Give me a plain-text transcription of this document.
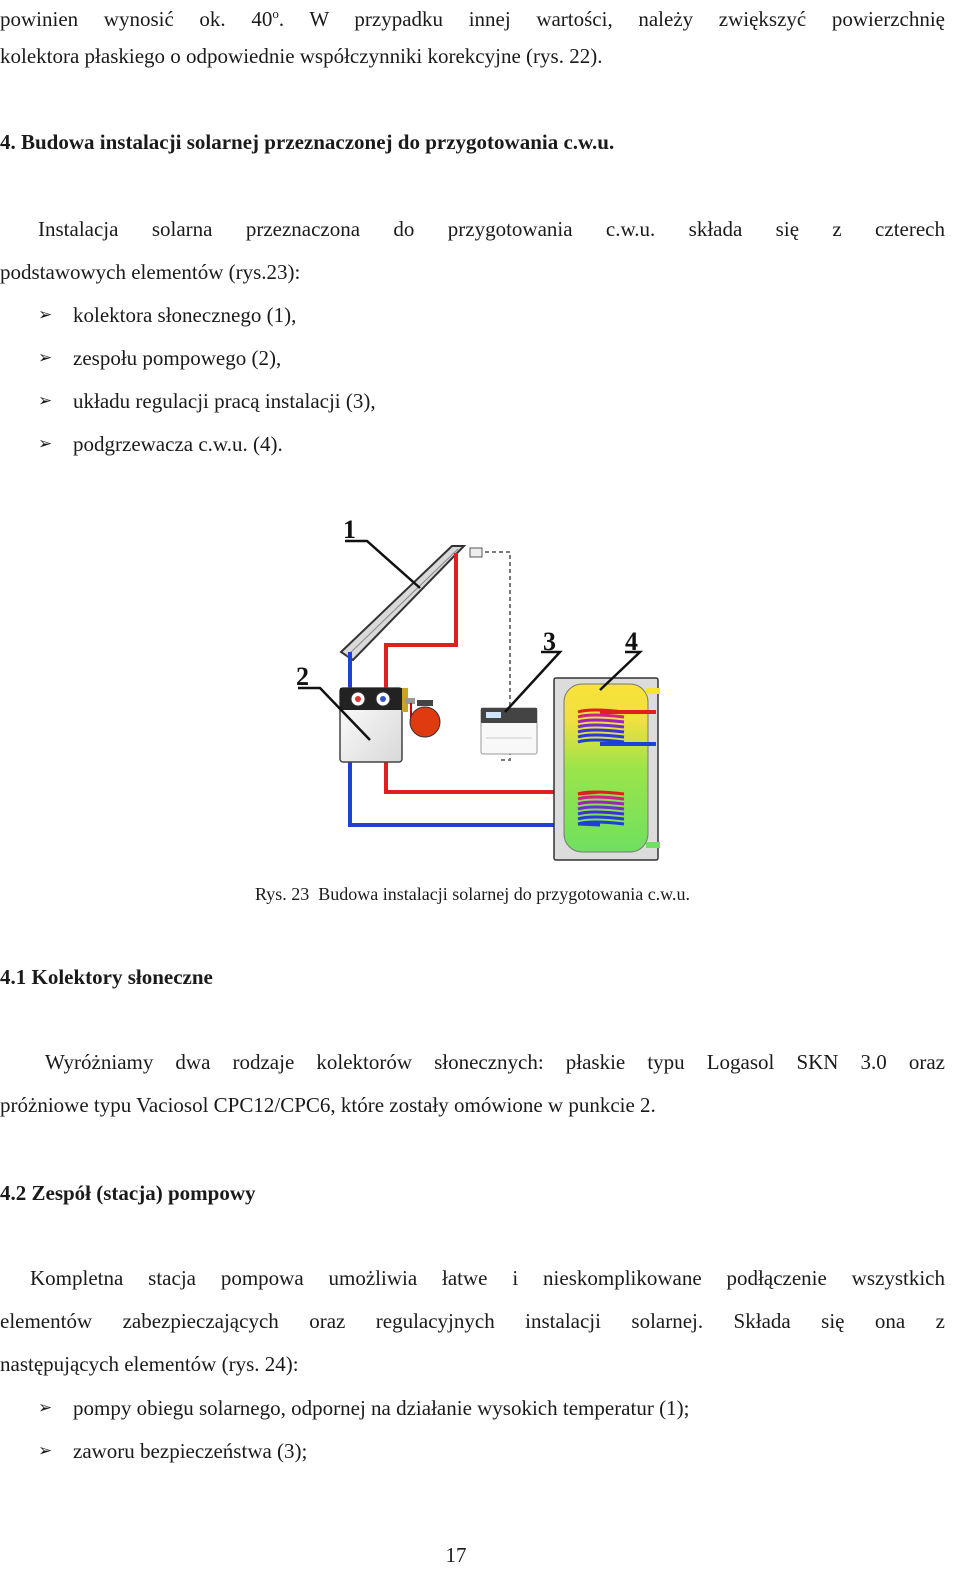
powinien wynosić ok. 40$^o$. W przypadku innej wartości, należy zwiększyć powierzchnię

kolektora płaskiego o odpowiednie współczynniki korekcyjne (rys. 22).

4. Budowa instalacji solarnej przeznaczonej do przygotowania c.w.u.

Instalacja solarna przeznaczona do przygotowania c.w.u. składa się z czterech

podstawowych elementów (rys.23):

➢ kolektora słonecznego (1),
➢ zespołu pompowego (2),
➢ układu regulacji pracą instalacji (3),
➢ podgrzewacza c.w.u. (4).
1
2
3	4
Rys. 23 Budowa instalacji solarnej do przygotowania c.w.u.
4.1 Kolektory słoneczne

Wyróżniamy dwa rodzaje kolektorów słonecznych: płaskie typu Logasol SKN 3.0 oraz

próżniowe typu Vaciosol CPC12/CPC6, które zostały omówione w punkcie 2.

4.2 Zespół (stacja) pompowy

Kompletna stacja pompowa umożliwia łatwe i nieskomplikowane podłączenie wszystkich

elementów zabezpieczających oraz regulacyjnych instalacji solarnej. Składa się ona z

następujących elementów (rys. 24):

➢ pompy obiegu solarnego, odpornej na działanie wysokich temperatur (1);
➢ zaworu bezpieczeństwa (3);
17
